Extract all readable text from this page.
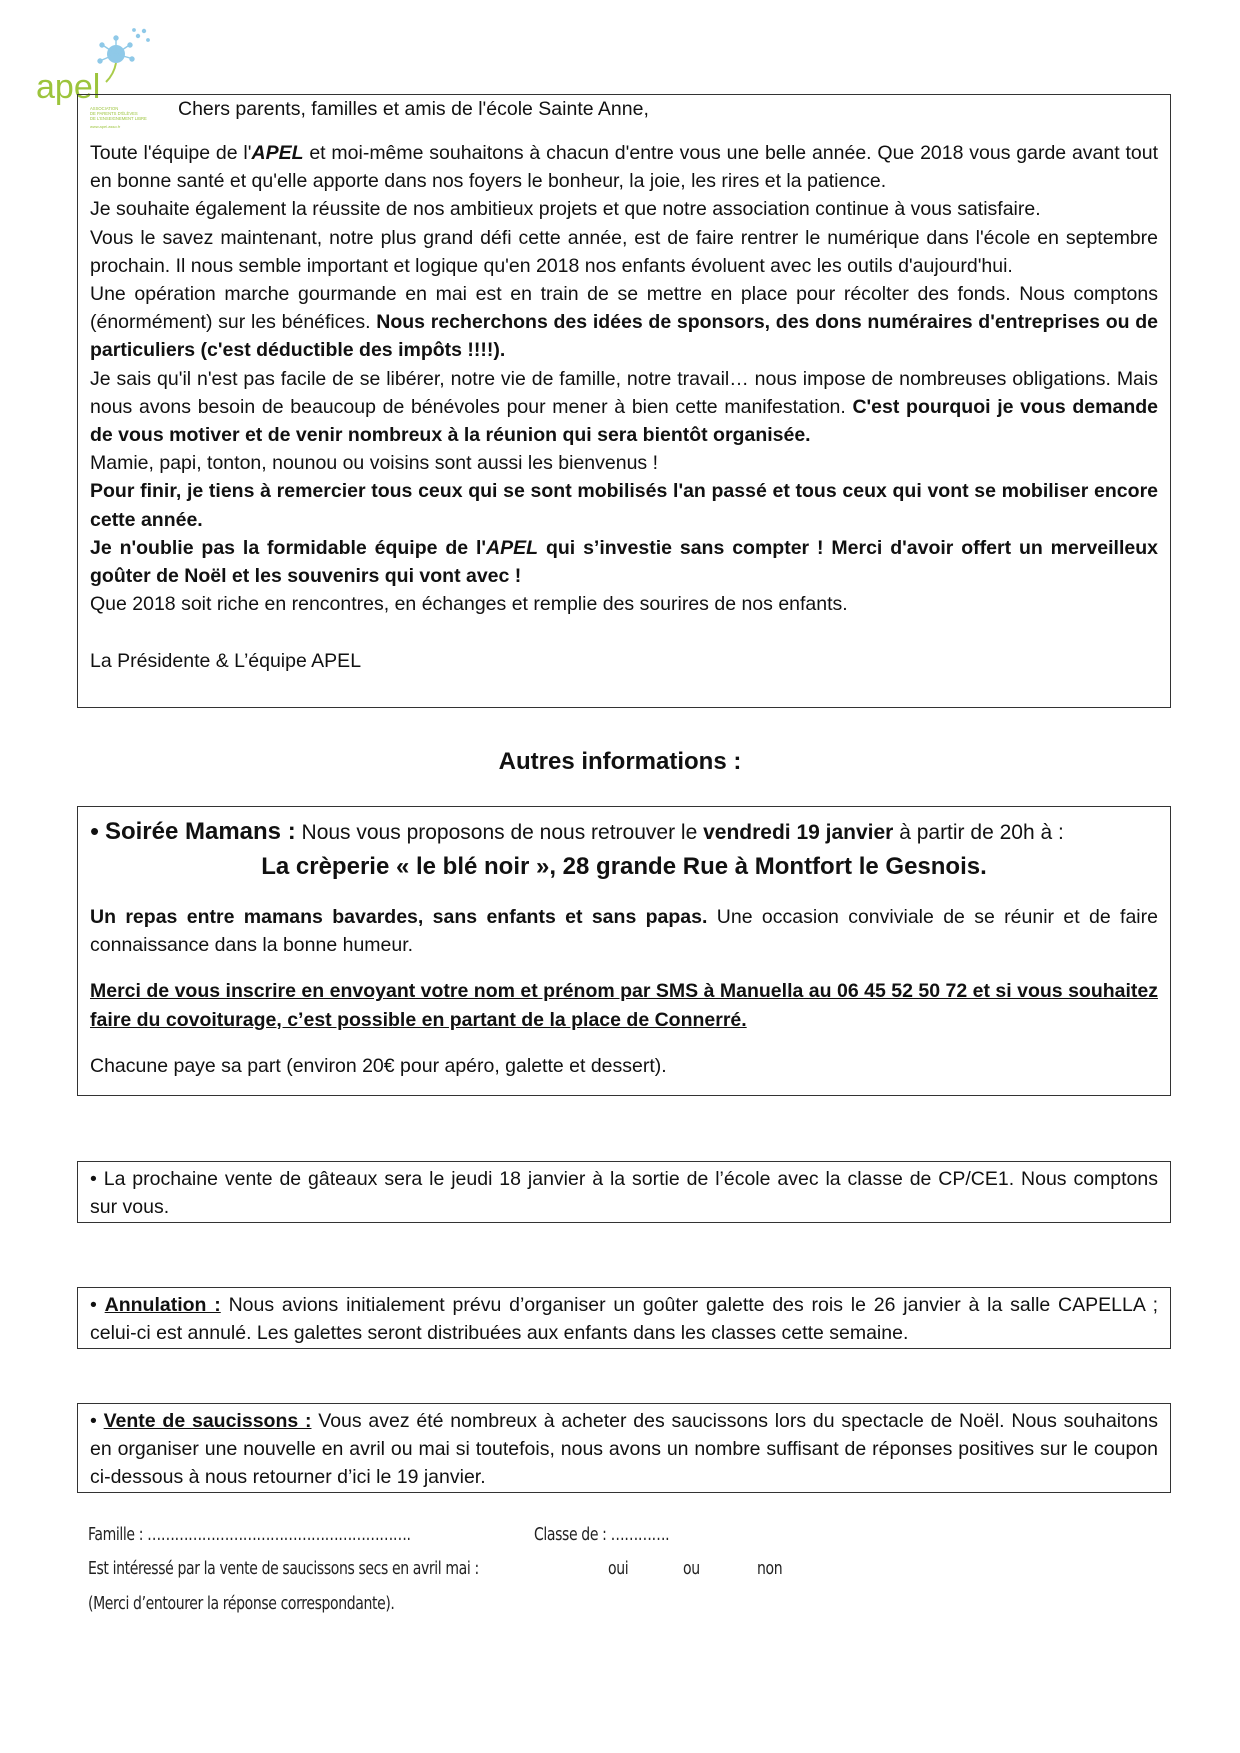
apel
ASSOCIATION
DE PARENTS D'ÉLÈVES
DE L'ENSEIGNEMENT LIBRE
www.apel.asso.fr

Toute l'équipe de l'APEL et moi-même souhaitons à chacun d'entre vous une belle année. Que 2018 vous garde avant tout en bonne santé et qu'elle apporte dans nos foyers le bonheur, la joie, les rires et la patience.

Je souhaite également la réussite de nos ambitieux projets et que notre association continue à vous satisfaire.

Vous le savez maintenant, notre plus grand défi cette année, est de faire rentrer le numérique dans l'école en septembre prochain. Il nous semble important et logique qu'en 2018 nos enfants évoluent avec les outils d'aujourd'hui.

Une opération marche gourmande en mai est en train de se mettre en place pour récolter des fonds. Nous comptons (énormément) sur les bénéfices. Nous recherchons des idées de sponsors, des dons numéraires d'entreprises ou de particuliers (c'est déductible des impôts !!!!).

Je sais qu'il n'est pas facile de se libérer, notre vie de famille, notre travail… nous impose de nombreuses obligations. Mais nous avons besoin de beaucoup de bénévoles pour mener à bien cette manifestation. C'est pourquoi je vous demande de vous motiver et de venir nombreux à la réunion qui sera bientôt organisée.

Mamie, papi, tonton, nounou ou voisins sont aussi les bienvenus !

Pour finir, je tiens à remercier tous ceux qui se sont mobilisés l'an passé et tous ceux qui vont se mobiliser encore cette année.

Je n'oublie pas la formidable équipe de l'APEL qui s’investie sans compter ! Merci d'avoir offert un merveilleux goûter de Noël et les souvenirs qui vont avec !

Que 2018 soit riche en rencontres, en échanges et remplie des sourires de nos enfants.

La Présidente & L’équipe APEL

Chers parents, familles et amis de l'école Sainte Anne,
Autres informations :

• Soirée Mamans : Nous vous proposons de nous retrouver le vendredi 19 janvier à partir de 20h à :

La crèperie « le blé noir », 28 grande Rue à Montfort le Gesnois.

Un repas entre mamans bavardes, sans enfants et sans papas. Une occasion conviviale de se réunir et de faire connaissance dans la bonne humeur.

Merci de vous inscrire en envoyant votre nom et prénom par SMS à Manuella au 06 45 52 50 72 et si vous souhaitez faire du covoiturage, c’est possible en partant de la place de Connerré.

Chacune paye sa part (environ 20€ pour apéro, galette et dessert).

• La prochaine vente de gâteaux sera le jeudi 18 janvier à la sortie de l’école avec la classe de CP/CE1. Nous comptons sur vous.

• Annulation : Nous avions initialement prévu d’organiser un goûter galette des rois le 26 janvier à la salle CAPELLA ; celui-ci est annulé. Les galettes seront distribuées aux enfants dans les classes cette semaine.

• Vente de saucissons : Vous avez été nombreux à acheter des saucissons lors du spectacle de Noël. Nous souhaitons en organiser une nouvelle en avril ou mai si toutefois, nous avons un nombre suffisant de réponses positives sur le coupon ci-dessous à nous retourner d’ici le 19 janvier.

Famille : ………………………………………………….	Classe de : ………….
Est intéressé par la vente de saucissons secs en avril mai :	oui	ou	non
(Merci d’entourer la réponse correspondante).
